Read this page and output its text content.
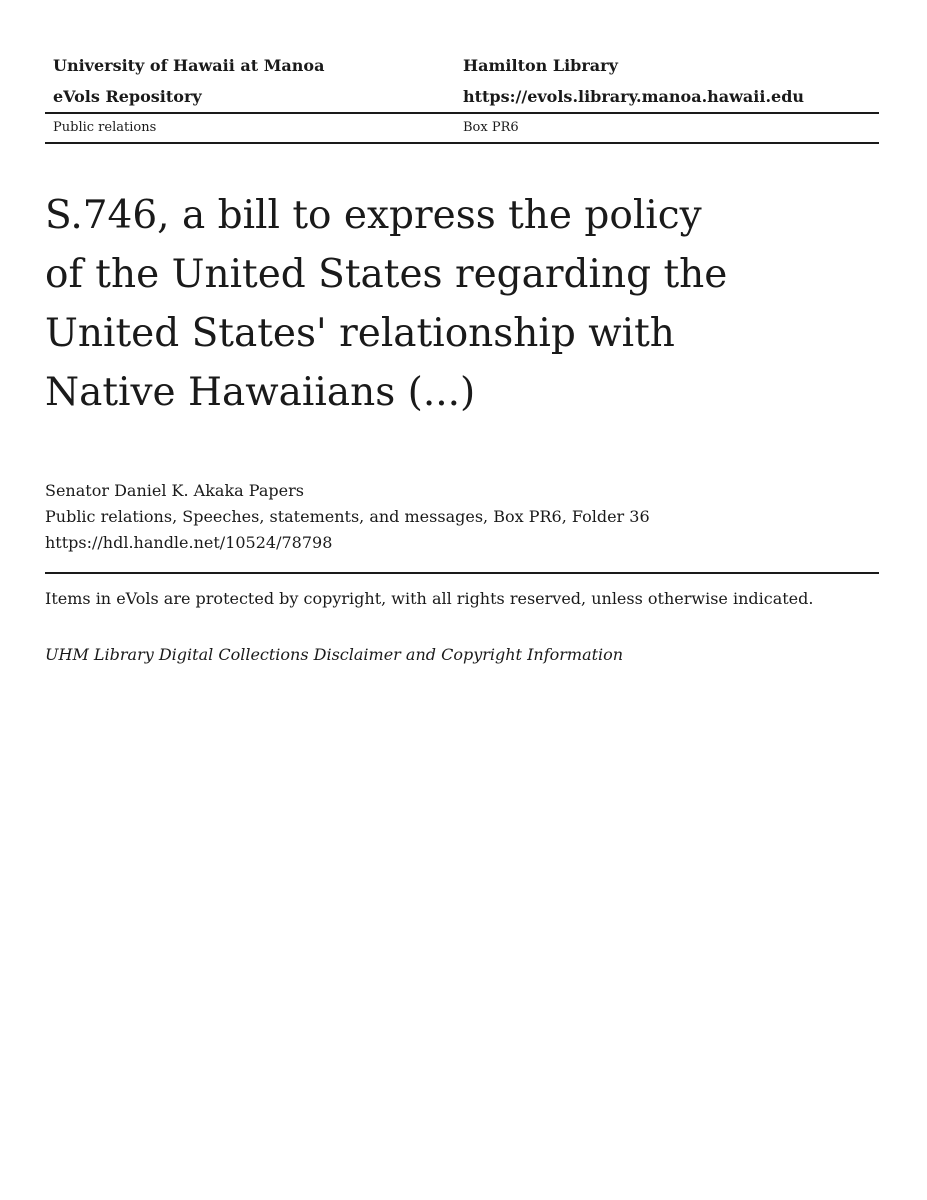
University of Hawaii at Manoa	Hamilton Library
eVols Repository	https://evols.library.manoa.hawaii.edu
Public relations	Box PR6
S.746, a bill to express the policy of the United States regarding the United States' relationship with Native Hawaiians (...)
Senator Daniel K. Akaka Papers
Public relations, Speeches, statements, and messages, Box PR6, Folder 36
https://hdl.handle.net/10524/78798
Items in eVols are protected by copyright, with all rights reserved, unless otherwise indicated.
UHM Library Digital Collections Disclaimer and Copyright Information
